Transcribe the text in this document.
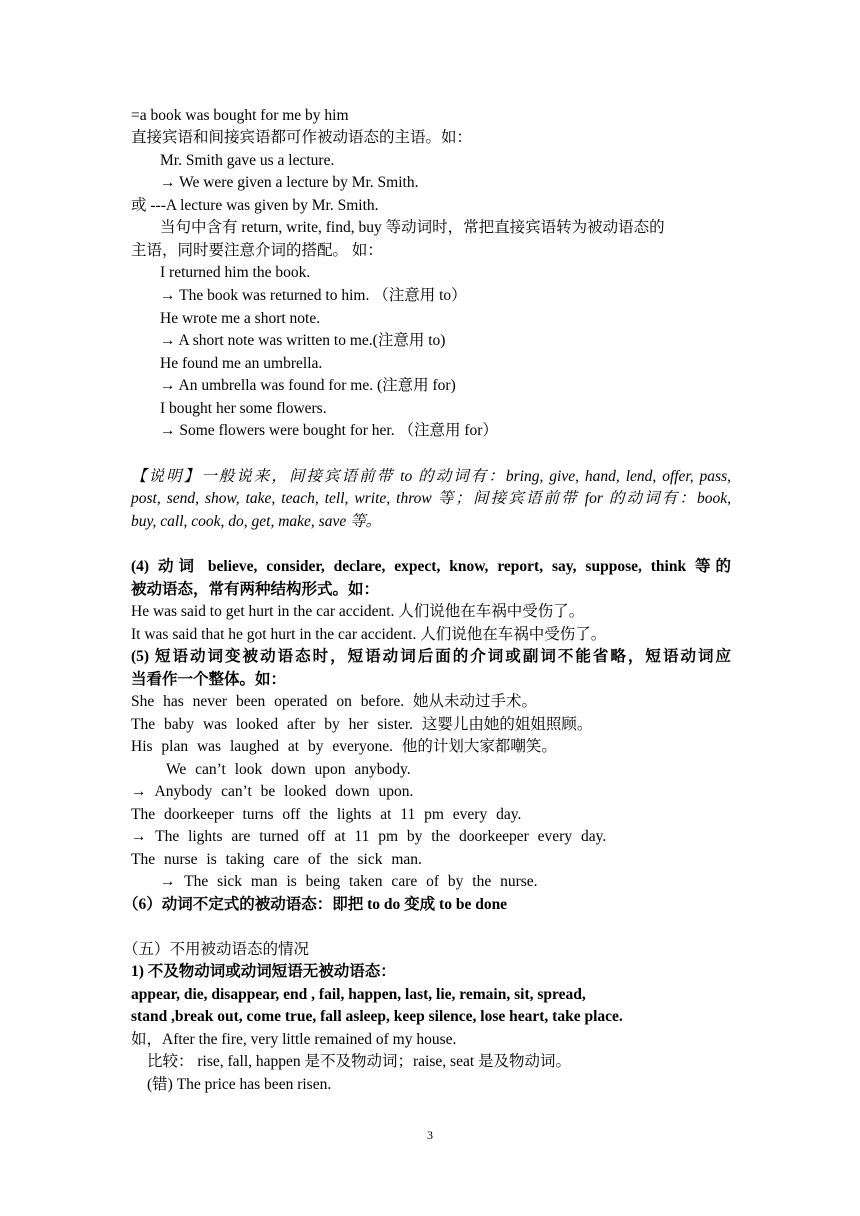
=a book was bought for me by him
直接宾语和间接宾语都可作被动语态的主语。如：
Mr. Smith gave us a lecture.
→ We were given a lecture by Mr. Smith.
或 ---A lecture was given by Mr. Smith.
当句中含有 return, write, find, buy 等动词时，常把直接宾语转为被动语态的
主语，同时要注意介词的搭配。 如：
I returned him the book.
→ The book was returned to him. （注意用 to）
He wrote me a short note.
→ A short note was written to me.(注意用 to)
He found me an umbrella.
→ An umbrella was found for me. (注意用 for)
I bought her some flowers.
→ Some flowers were bought for her. （注意用 for）
【说明】一般说来，间接宾语前带 to 的动词有：bring, give, hand, lend, offer, pass,
post, send, show, take, teach, tell, write, throw 等；间接宾语前带 for 的动词有：book,
buy, call, cook, do, get, make, save 等。
(4) 动词 believe, consider, declare, expect, know, report, say, suppose, think 等的
被动语态，常有两种结构形式。如：
He was said to get hurt in the car accident. 人们说他在车祸中受伤了。
It was said that he got hurt in the car accident. 人们说他在车祸中受伤了。
(5) 短语动词变被动语态时，短语动词后面的介词或副词不能省略，短语动词应
当看作一个整体。如：
She has never been operated on before. 她从未动过手术。
The baby was looked after by her sister. 这婴儿由她的姐姐照顾。
His plan was laughed at by everyone. 他的计划大家都嘲笑。
We can’t look down upon anybody.
→ Anybody can’t be looked down upon.
The doorkeeper turns off the lights at 11 pm every day.
→ The lights are turned off at 11 pm by the doorkeeper every day.
The nurse is taking care of the sick man.
→ The sick man is being taken care of by the nurse.
（6）动词不定式的被动语态：即把 to do 变成 to be done
（五）不用被动语态的情况
1) 不及物动词或动词短语无被动语态：
appear, die, disappear, end , fail, happen, last, lie, remain, sit, spread,
stand ,break out, come true, fall asleep, keep silence, lose heart, take place.
如，After the fire, very little remained of my house.
比较： rise, fall, happen 是不及物动词；raise, seat 是及物动词。
(错) The price has been risen.
3
